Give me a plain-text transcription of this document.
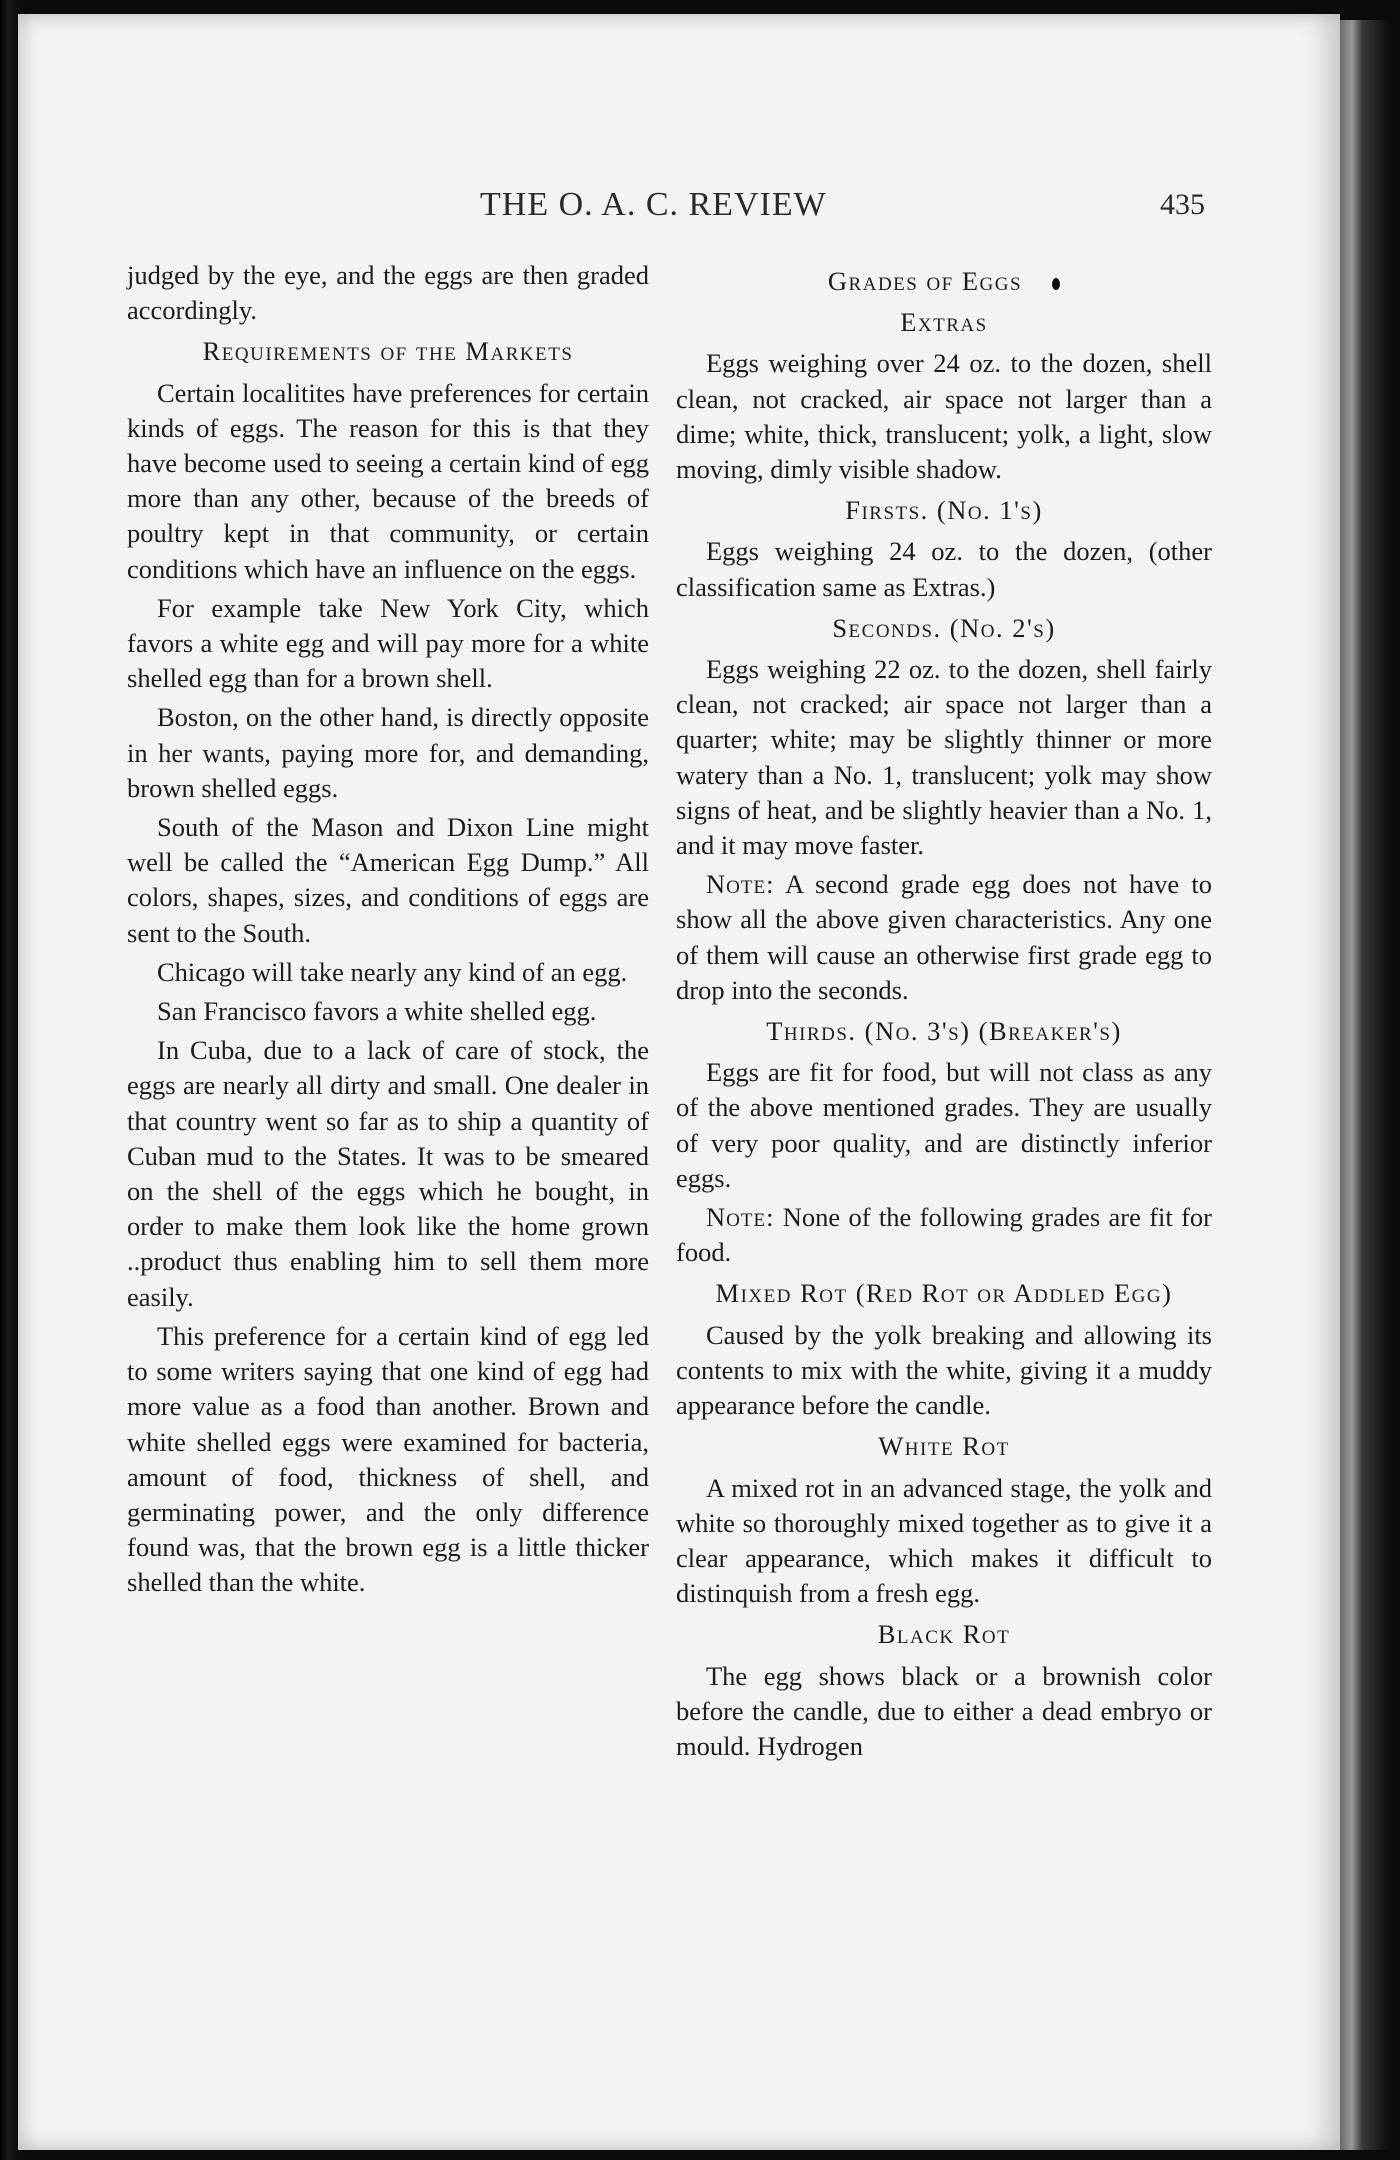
THE O. A. C. REVIEW	435

judged by the eye, and the eggs are then graded accordingly.

Requirements of the Markets

Certain localitites have preferences for certain kinds of eggs. The reason for this is that they have become used to seeing a certain kind of egg more than any other, because of the breeds of poultry kept in that community, or certain conditions which have an influence on the eggs.

For example take New York City, which favors a white egg and will pay more for a white shelled egg than for a brown shell.

Boston, on the other hand, is directly opposite in her wants, paying more for, and demanding, brown shelled eggs.

South of the Mason and Dixon Line might well be called the “American Egg Dump.” All colors, shapes, sizes, and conditions of eggs are sent to the South.

Chicago will take nearly any kind of an egg.

San Francisco favors a white shelled egg.

In Cuba, due to a lack of care of stock, the eggs are nearly all dirty and small. One dealer in that country went so far as to ship a quantity of Cuban mud to the States. It was to be smeared on the shell of the eggs which he bought, in order to make them look like the home grown ..product thus enabling him to sell them more easily.

This preference for a certain kind of egg led to some writers saying that one kind of egg had more value as a food than another. Brown and white shelled eggs were examined for bacteria, amount of food, thickness of shell, and germinating power, and the only difference found was, that the brown egg is a little thicker shelled than the white.

Grades of Eggs

Extras

Eggs weighing over 24 oz. to the dozen, shell clean, not cracked, air space not larger than a dime; white, thick, translucent; yolk, a light, slow moving, dimly visible shadow.

Firsts. (No. 1's)

Eggs weighing 24 oz. to the dozen, (other classification same as Extras.)

Seconds. (No. 2's)

Eggs weighing 22 oz. to the dozen, shell fairly clean, not cracked; air space not larger than a quarter; white; may be slightly thinner or more watery than a No. 1, translucent; yolk may show signs of heat, and be slightly heavier than a No. 1, and it may move faster.

Note: A second grade egg does not have to show all the above given characteristics. Any one of them will cause an otherwise first grade egg to drop into the seconds.

Thirds. (No. 3's) (Breaker's)

Eggs are fit for food, but will not class as any of the above mentioned grades. They are usually of very poor quality, and are distinctly inferior eggs.

Note: None of the following grades are fit for food.

Mixed Rot (Red Rot or Addled Egg)

Caused by the yolk breaking and allowing its contents to mix with the white, giving it a muddy appearance before the candle.

White Rot

A mixed rot in an advanced stage, the yolk and white so thoroughly mixed together as to give it a clear appearance, which makes it difficult to distinquish from a fresh egg.

Black Rot

The egg shows black or a brownish color before the candle, due to either a dead embryo or mould. Hydrogen
